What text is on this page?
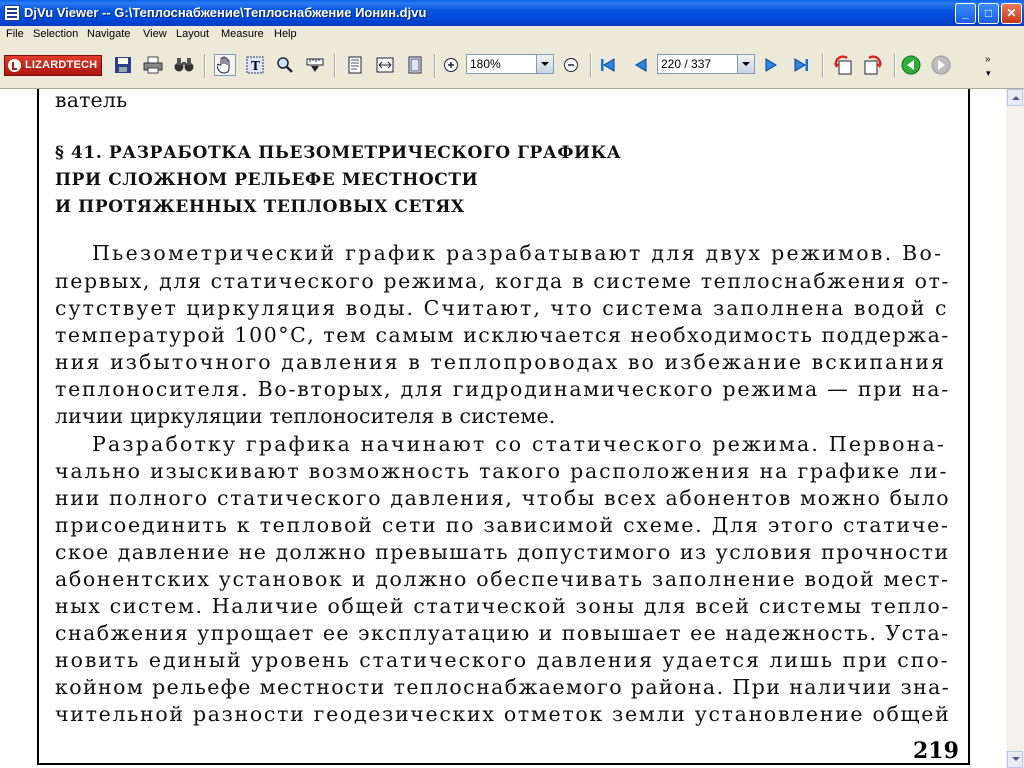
DjVu Viewer -- G:\Теплоснабжение\Теплоснабжение Ионин.djvu	_	□	✕
File Selection Navigate View Layout Measure Help
LIZARDTECH	T	180%	220 / 337	»
▾
ватель
§ 41. РАЗРАБОТКА ПЬЕЗОМЕТРИЧЕСКОГО ГРАФИКА
ПРИ СЛОЖНОМ РЕЛЬЕФЕ МЕСТНОСТИ
И ПРОТЯЖЕННЫХ ТЕПЛОВЫХ СЕТЯХ
Пьезометрический график разрабатывают для двух режимов. Во-
первых, для статического режима, когда в системе теплоснабжения от-
сутствует циркуляция воды. Считают, что система заполнена водой с
температурой 100°С, тем самым исключается необходимость поддержа-
ния избыточного давления в теплопроводах во избежание вскипания
теплоносителя. Во-вторых, для гидродинамического режима — при на-
личии циркуляции теплоносителя в системе.
Разработку графика начинают со статического режима. Первона-
чально изыскивают возможность такого расположения на графике ли-
нии полного статического давления, чтобы всех абонентов можно было
присоединить к тепловой сети по зависимой схеме. Для этого статиче-
ское давление не должно превышать допустимого из условия прочности
абонентских установок и должно обеспечивать заполнение водой мест-
ных систем. Наличие общей статической зоны для всей системы тепло-
снабжения упрощает ее эксплуатацию и повышает ее надежность. Уста-
новить единый уровень статического давления удается лишь при спо-
койном рельефе местности теплоснабжаемого района. При наличии зна-
чительной разности геодезических отметок земли установление общей
219
